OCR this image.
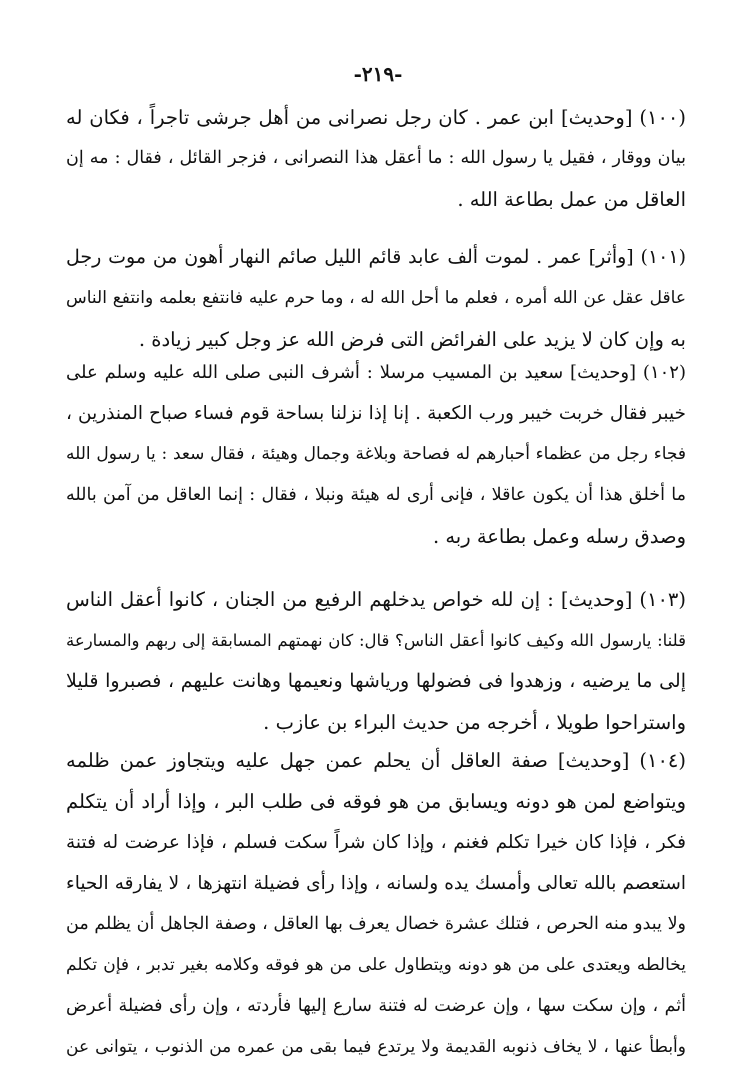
-٢١٩-
(١٠٠) [وحديث] ابن عمر . كان رجل نصرانى من أهل جرشى تاجراً ، فكان له
بيان ووقار ، فقيل يا رسول الله : ما أعقل هذا النصرانى ، فزجر القائل ، فقال : مه إن
العاقل من عمل بطاعة الله .
(١٠١) [وأثر] عمر . لموت ألف عابد قائم الليل صائم النهار أهون من موت رجل
عاقل عقل عن الله أمره ، فعلم ما أحل الله له ، وما حرم عليه فانتفع بعلمه وانتفع الناس
به وإن كان لا يزيد على الفرائض التى فرض الله عز وجل كبير زيادة .
(١٠٢) [وحديث] سعيد بن المسيب مرسلا : أشرف النبى صلى الله عليه وسلم على
خيبر فقال خربت خيبر ورب الكعبة . إنا إذا نزلنا بساحة قوم فساء صباح المنذرين ،
فجاء رجل من عظماء أحبارهم له فصاحة وبلاغة وجمال وهيئة ، فقال سعد : يا رسول الله
ما أخلق هذا أن يكون عاقلا ، فإنى أرى له هيئة ونبلا ، فقال : إنما العاقل من آمن بالله
وصدق رسله وعمل بطاعة ربه .
(١٠٣) [وحديث] : إن لله خواص يدخلهم الرفيع من الجنان ، كانوا أعقل الناس
قلنا: يارسول الله وكيف كانوا أعقل الناس؟ قال: كان نهمتهم المسابقة إلى ربهم والمسارعة
إلى ما يرضيه ، وزهدوا فى فضولها ورياشها ونعيمها وهانت عليهم ، فصبروا قليلا
واستراحوا طويلا ، أخرجه من حديث البراء بن عازب .
(١٠٤) [وحديث] صفة العاقل أن يحلم عمن جهل عليه ويتجاوز عمن ظلمه
ويتواضع لمن هو دونه ويسابق من هو فوقه فى طلب البر ، وإذا أراد أن يتكلم
فكر ، فإذا كان خيرا تكلم فغنم ، وإذا كان شراً سكت فسلم ، فإذا عرضت له فتنة
استعصم بالله تعالى وأمسك يده ولسانه ، وإذا رأى فضيلة انتهزها ، لا يفارقه الحياء
ولا يبدو منه الحرص ، فتلك عشرة خصال يعرف بها العاقل ، وصفة الجاهل أن يظلم من
يخالطه ويعتدى على من هو دونه ويتطاول على من هو فوقه وكلامه بغير تدبر ، فإن تكلم
أثم ، وإن سكت سها ، وإن عرضت له فتنة سارع إليها فأردته ، وإن رأى فضيلة أعرض
وأبطأ عنها ، لا يخاف ذنوبه القديمة ولا يرتدع فيما بقى من عمره من الذنوب ، يتوانى عن
